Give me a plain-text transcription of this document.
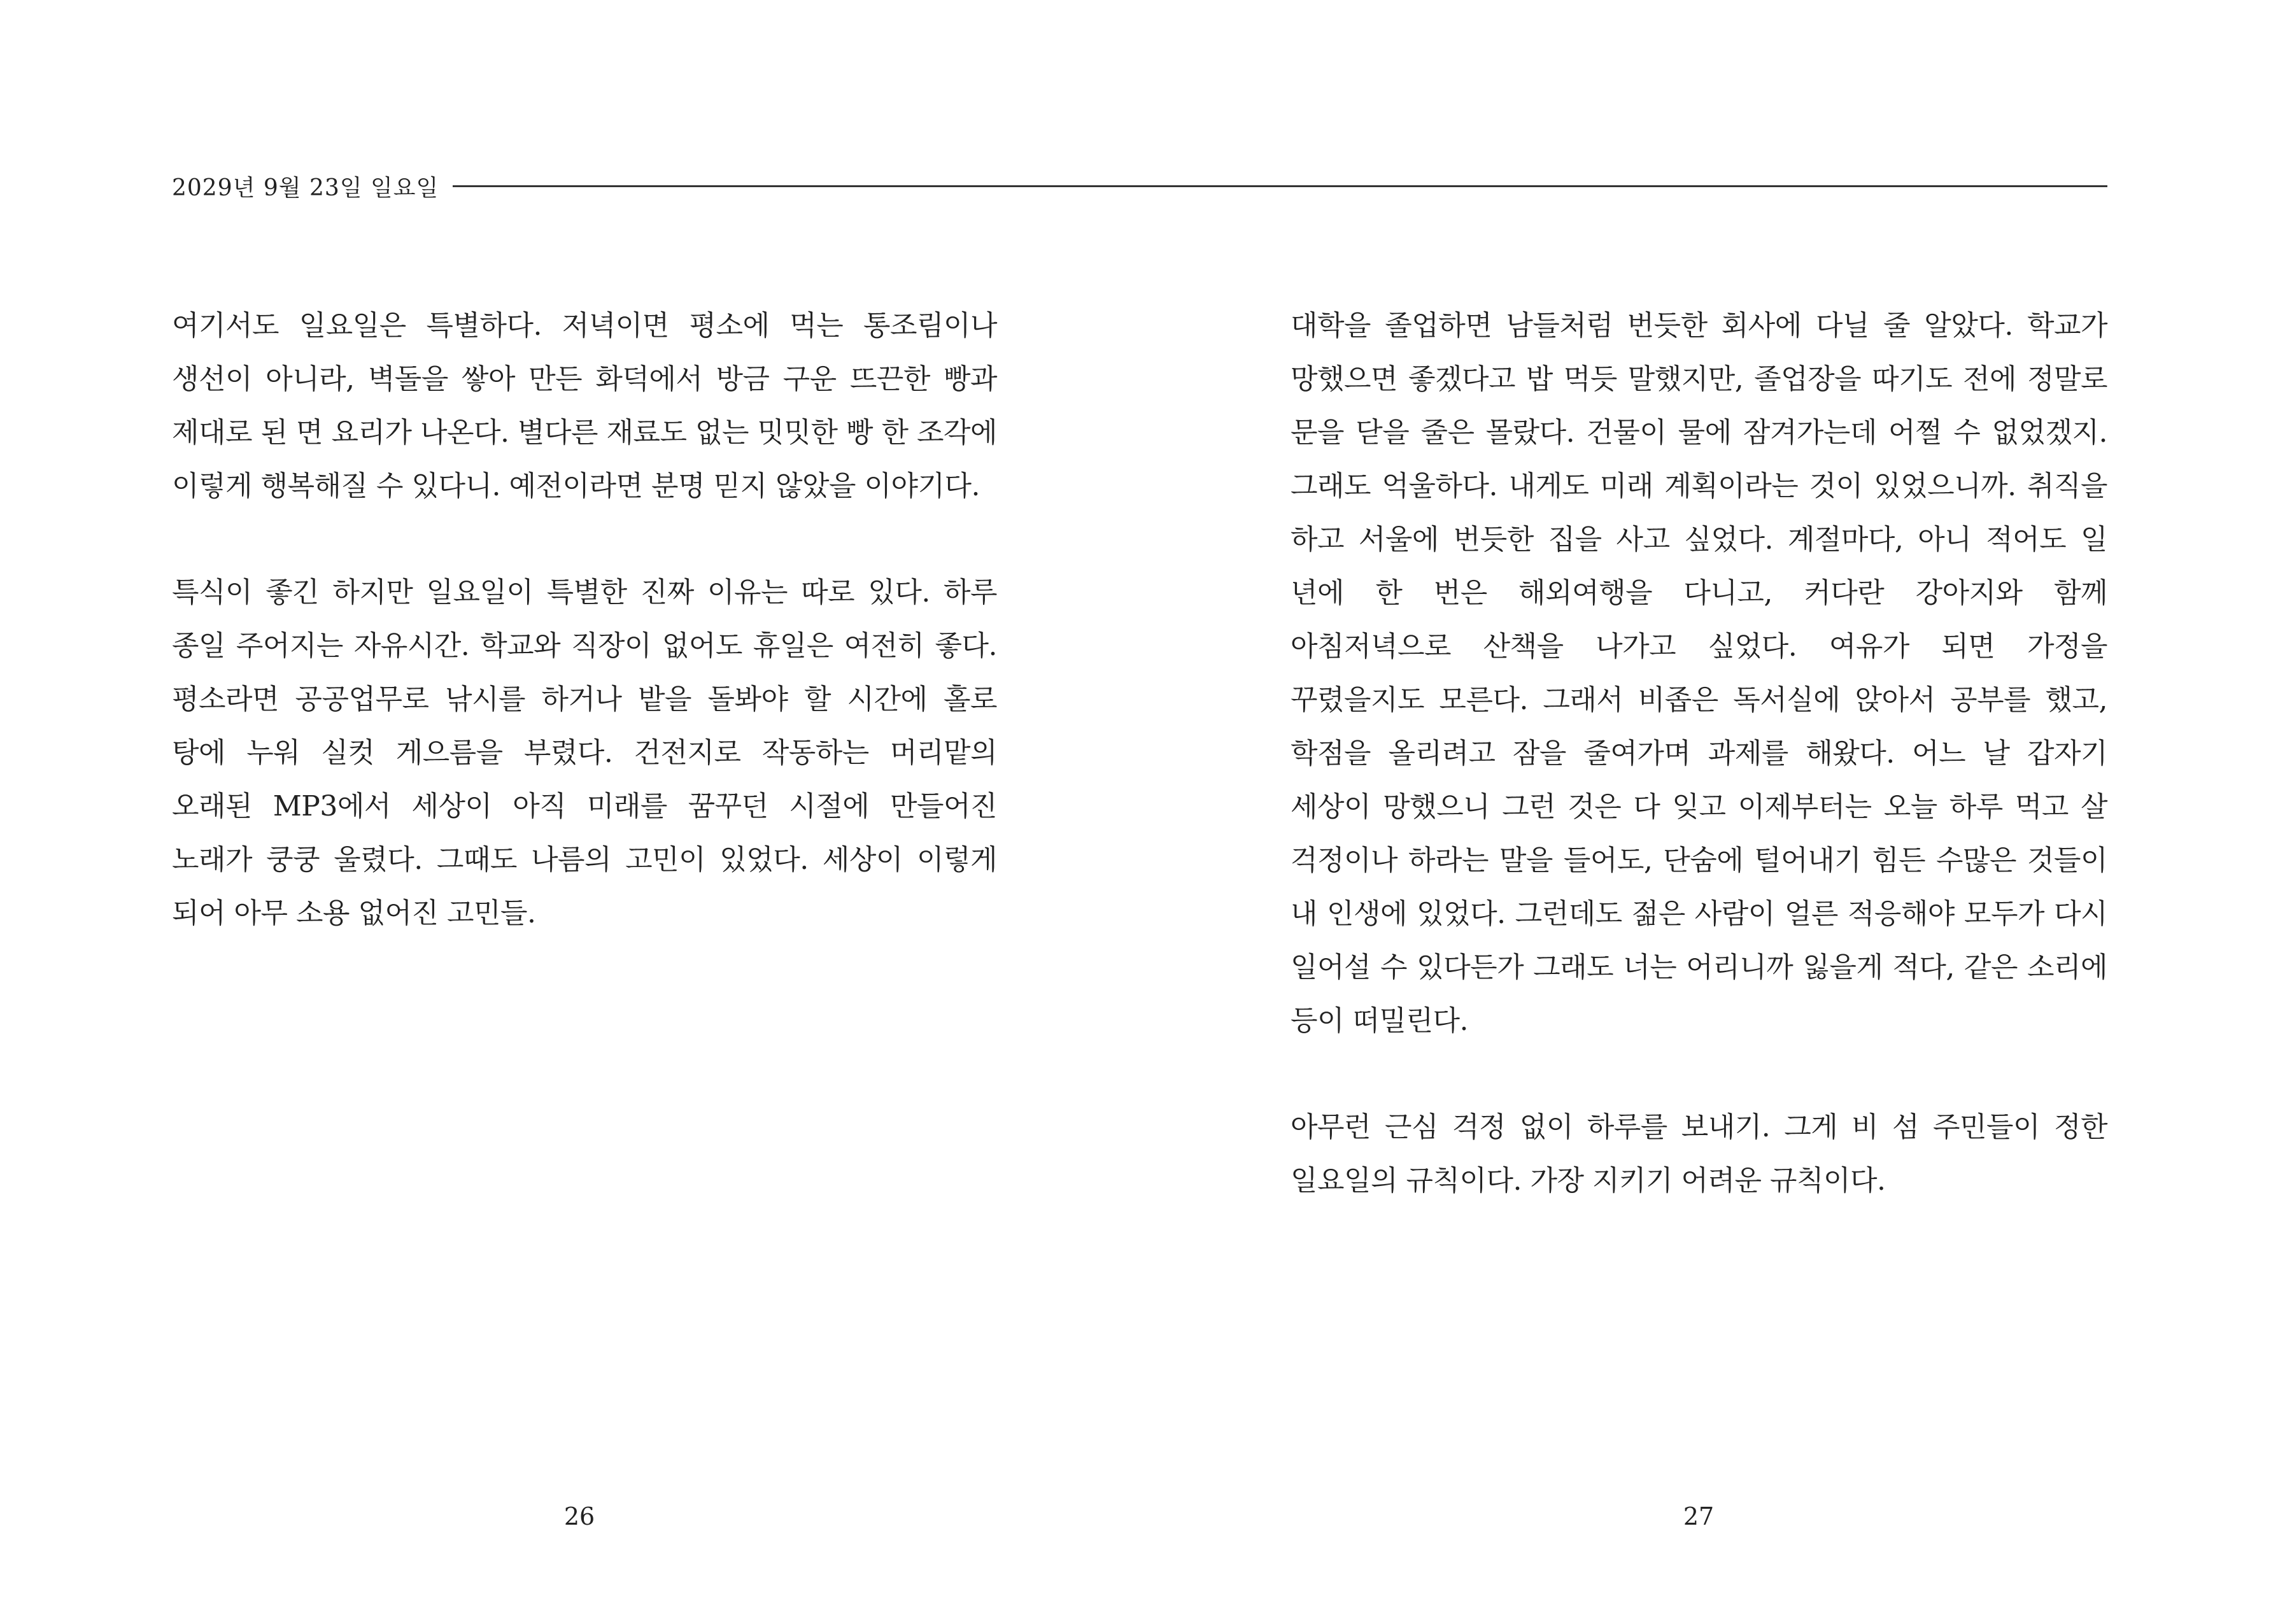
2029년 9월 23일 일요일

여기서도 일요일은 특별하다. 저녁이면 평소에 먹는 통조림이나 생선이 아니라, 벽돌을 쌓아 만든 화덕에서 방금 구운 뜨끈한 빵과 제대로 된 면 요리가 나온다. 별다른 재료도 없는 밋밋한 빵 한 조각에 이렇게 행복해질 수 있다니. 예전이라면 분명 믿지 않았을 이야기다.

특식이 좋긴 하지만 일요일이 특별한 진짜 이유는 따로 있다. 하루 종일 주어지는 자유시간. 학교와 직장이 없어도 휴일은 여전히 좋다. 평소라면 공공업무로 낚시를 하거나 밭을 돌봐야 할 시간에 홀로 탕에 누워 실컷 게으름을 부렸다. 건전지로 작동하는 머리맡의 오래된 MP3에서 세상이 아직 미래를 꿈꾸던 시절에 만들어진 노래가 쿵쿵 울렸다. 그때도 나름의 고민이 있었다. 세상이 이렇게 되어 아무 소용 없어진 고민들.

대학을 졸업하면 남들처럼 번듯한 회사에 다닐 줄 알았다. 학교가 망했으면 좋겠다고 밥 먹듯 말했지만, 졸업장을 따기도 전에 정말로 문을 닫을 줄은 몰랐다. 건물이 물에 잠겨가는데 어쩔 수 없었겠지. 그래도 억울하다. 내게도 미래 계획이라는 것이 있었으니까. 취직을 하고 서울에 번듯한 집을 사고 싶었다. 계절마다, 아니 적어도 일 년에 한 번은 해외여행을 다니고, 커다란 강아지와 함께 아침저녁으로 산책을 나가고 싶었다. 여유가 되면 가정을 꾸렸을지도 모른다. 그래서 비좁은 독서실에 앉아서 공부를 했고, 학점을 올리려고 잠을 줄여가며 과제를 해왔다. 어느 날 갑자기 세상이 망했으니 그런 것은 다 잊고 이제부터는 오늘 하루 먹고 살 걱정이나 하라는 말을 들어도, 단숨에 털어내기 힘든 수많은 것들이 내 인생에 있었다. 그런데도 젊은 사람이 얼른 적응해야 모두가 다시 일어설 수 있다든가 그래도 너는 어리니까 잃을게 적다, 같은 소리에 등이 떠밀린다.

아무런 근심 걱정 없이 하루를 보내기. 그게 비 섬 주민들이 정한 일요일의 규칙이다. 가장 지키기 어려운 규칙이다.

26	27
